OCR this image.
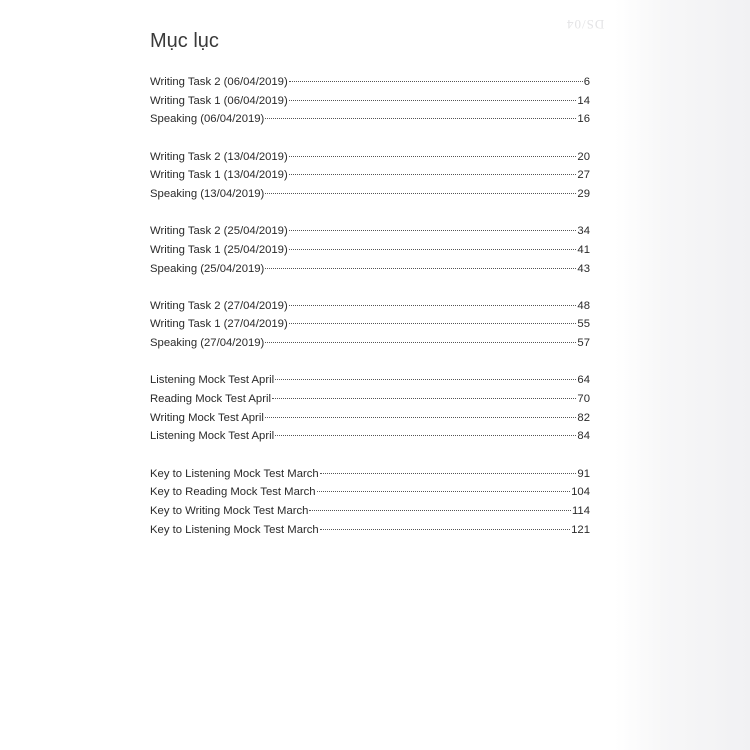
DS/04
Mục lục
Writing Task 2 (06/04/2019)	6
Writing Task 1 (06/04/2019)	14
Speaking (06/04/2019)	16
Writing Task 2 (13/04/2019)	20
Writing Task 1 (13/04/2019)	27
Speaking (13/04/2019)	29
Writing Task 2 (25/04/2019)	34
Writing Task 1 (25/04/2019)	41
Speaking (25/04/2019)	43
Writing Task 2 (27/04/2019)	48
Writing Task 1 (27/04/2019)	55
Speaking (27/04/2019)	57
Listening Mock Test April	64
Reading Mock Test April	70
Writing Mock Test April	82
Listening Mock Test April	84
Key to Listening Mock Test March	91
Key to Reading Mock Test March	104
Key to Writing Mock Test March	114
Key to Listening Mock Test March	121
